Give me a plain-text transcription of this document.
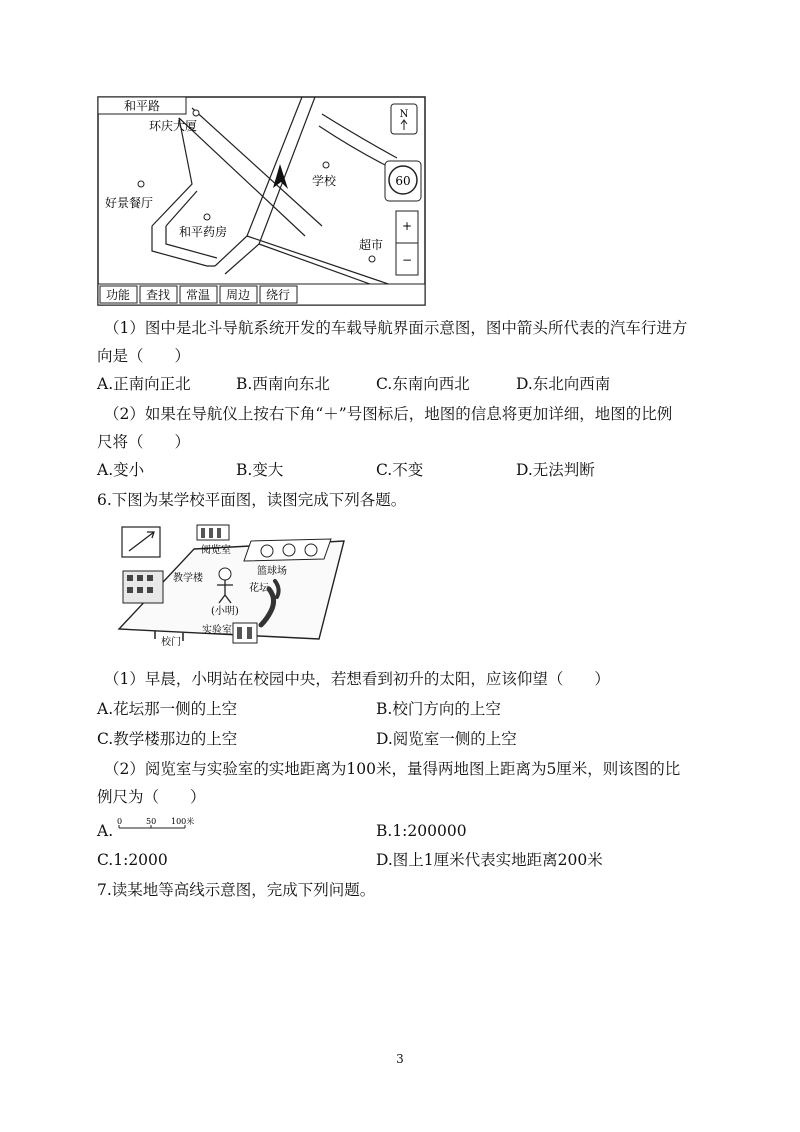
和平路
环庆大厦
好景餐厅
和平药房
学校
超市
N
60
+
−
功能 查找 常温 周边 绕行
（1）图中是北斗导航系统开发的车载导航界面示意图，图中箭头所代表的汽车行进方
向是（　　）
A.正南向正北	B.西南向东北	C.东南向西北	D.东北向西南
（2）如果在导航仪上按右下角“＋”号图标后，地图的信息将更加详细，地图的比例
尺将（　　）
A.变小	B.变大	C.不变	D.无法判断
6.下图为某学校平面图，读图完成下列各题。
阅览室
篮球场
教学楼
(小明)
花坛
实验室
校门
（1）早晨，小明站在校园中央，若想看到初升的太阳，应该仰望（　　）
A.花坛那一侧的上空	B.校门方向的上空
C.教学楼那边的上空	D.阅览室一侧的上空
（2）阅览室与实验室的实地距离为100米，量得两地图上距离为5厘米，则该图的比
例尺为（　　）
A.
0	50 100米
B.1:200000
C.1:2000	D.图上1厘米代表实地距离200米
7.读某地等高线示意图，完成下列问题。
3
